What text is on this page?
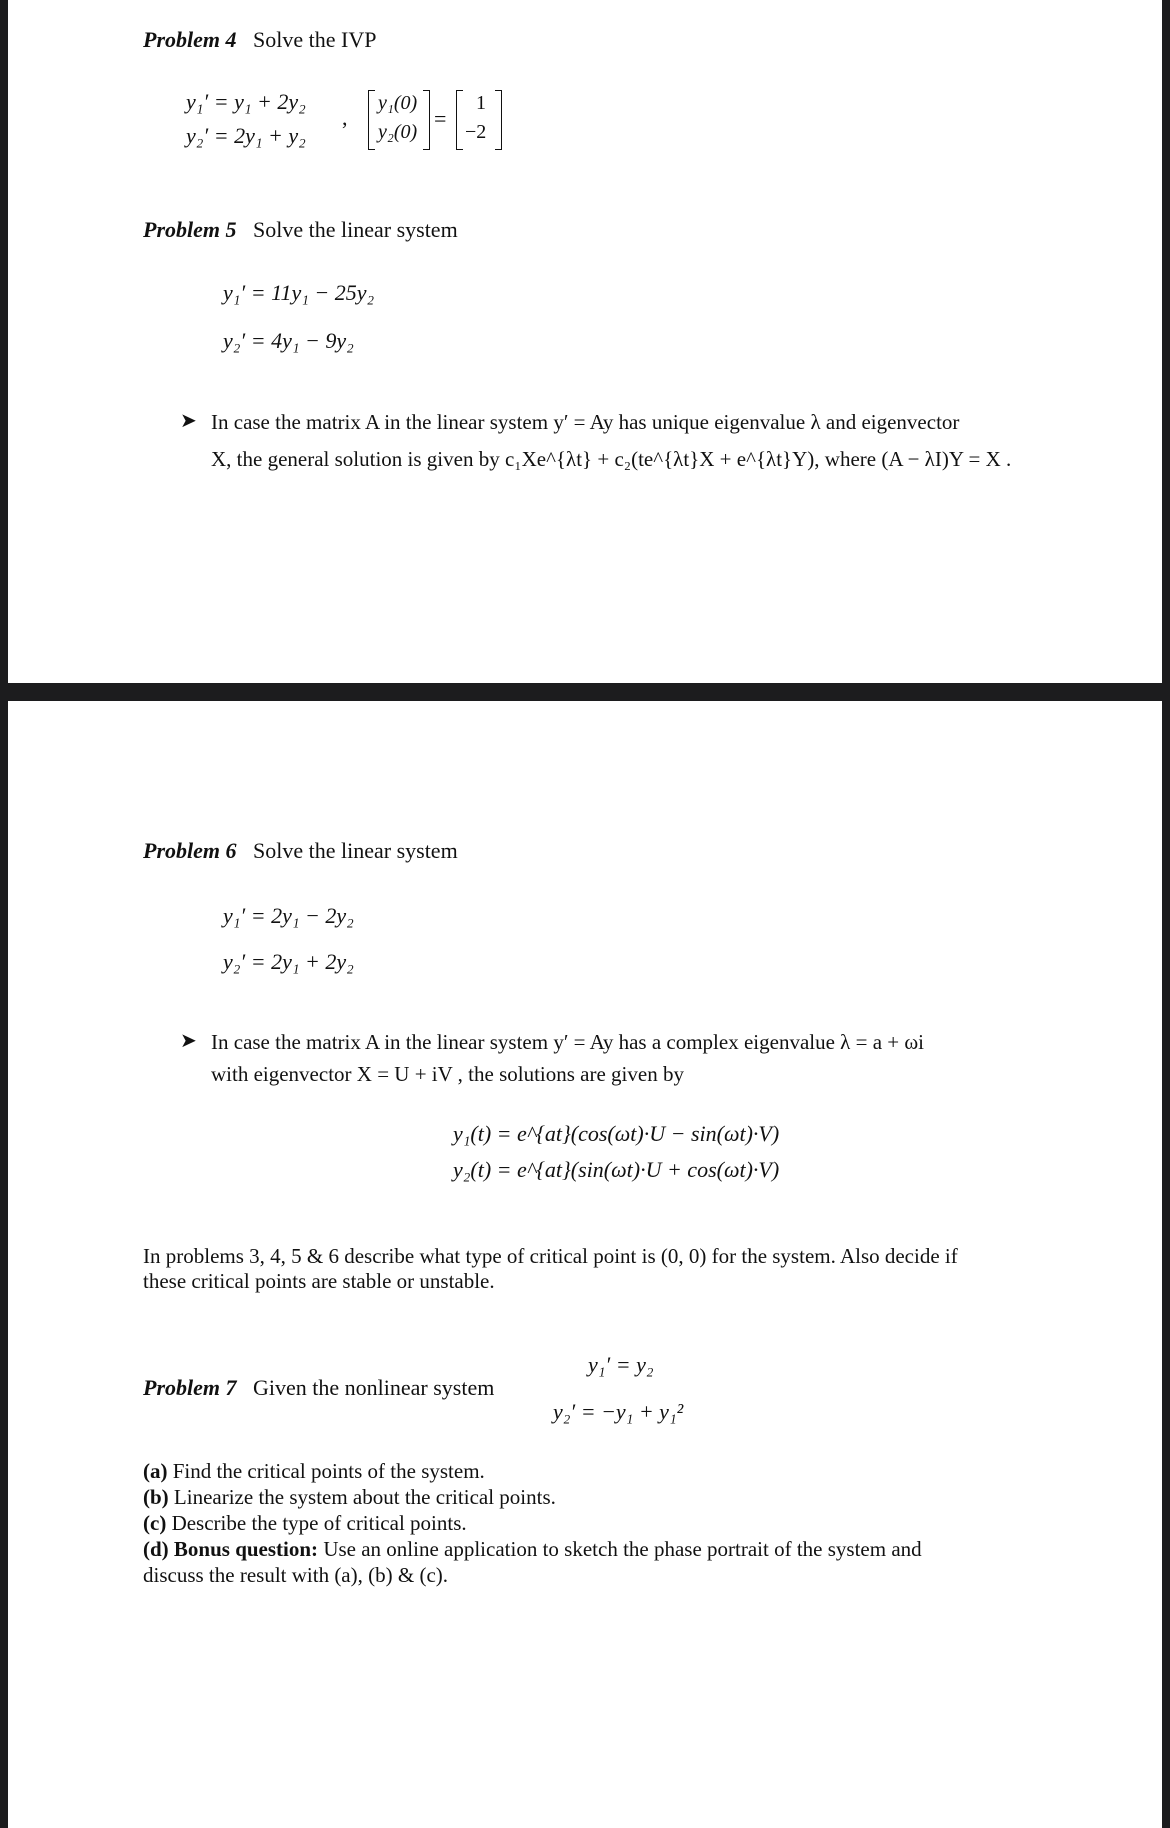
Problem 4 Solve the IVP
y₁′ = y₁ + 2y₂
y₂′ = 2y₁ + y₂
,
y₁(0)
y₂(0)
=
1
−2
Problem 5 Solve the linear system
y₁′ = 11y₁ − 25y₂
y₂′ = 4y₁ − 9y₂
➤ In case the matrix A in the linear system y′ = Ay has unique eigenvalue λ and eigenvector
X, the general solution is given by c₁Xe^{λt} + c₂(te^{λt}X + e^{λt}Y), where (A − λI)Y = X .
Problem 6 Solve the linear system
y₁′ = 2y₁ − 2y₂
y₂′ = 2y₁ + 2y₂
➤ In case the matrix A in the linear system y′ = Ay has a complex eigenvalue λ = a + ωi
with eigenvector X = U + iV , the solutions are given by
y₁(t) = e^{at}(cos(ωt)·U − sin(ωt)·V)
y₂(t) = e^{at}(sin(ωt)·U + cos(ωt)·V)
In problems 3, 4, 5 & 6 describe what type of critical point is (0, 0) for the system. Also decide if
these critical points are stable or unstable.
Problem 7 Given the nonlinear system
y₁′ = y₂
y₂′ = −y₁ + y₁²
(a) Find the critical points of the system.
(b) Linearize the system about the critical points.
(c) Describe the type of critical points.
(d) Bonus question: Use an online application to sketch the phase portrait of the system and
discuss the result with (a), (b) & (c).
